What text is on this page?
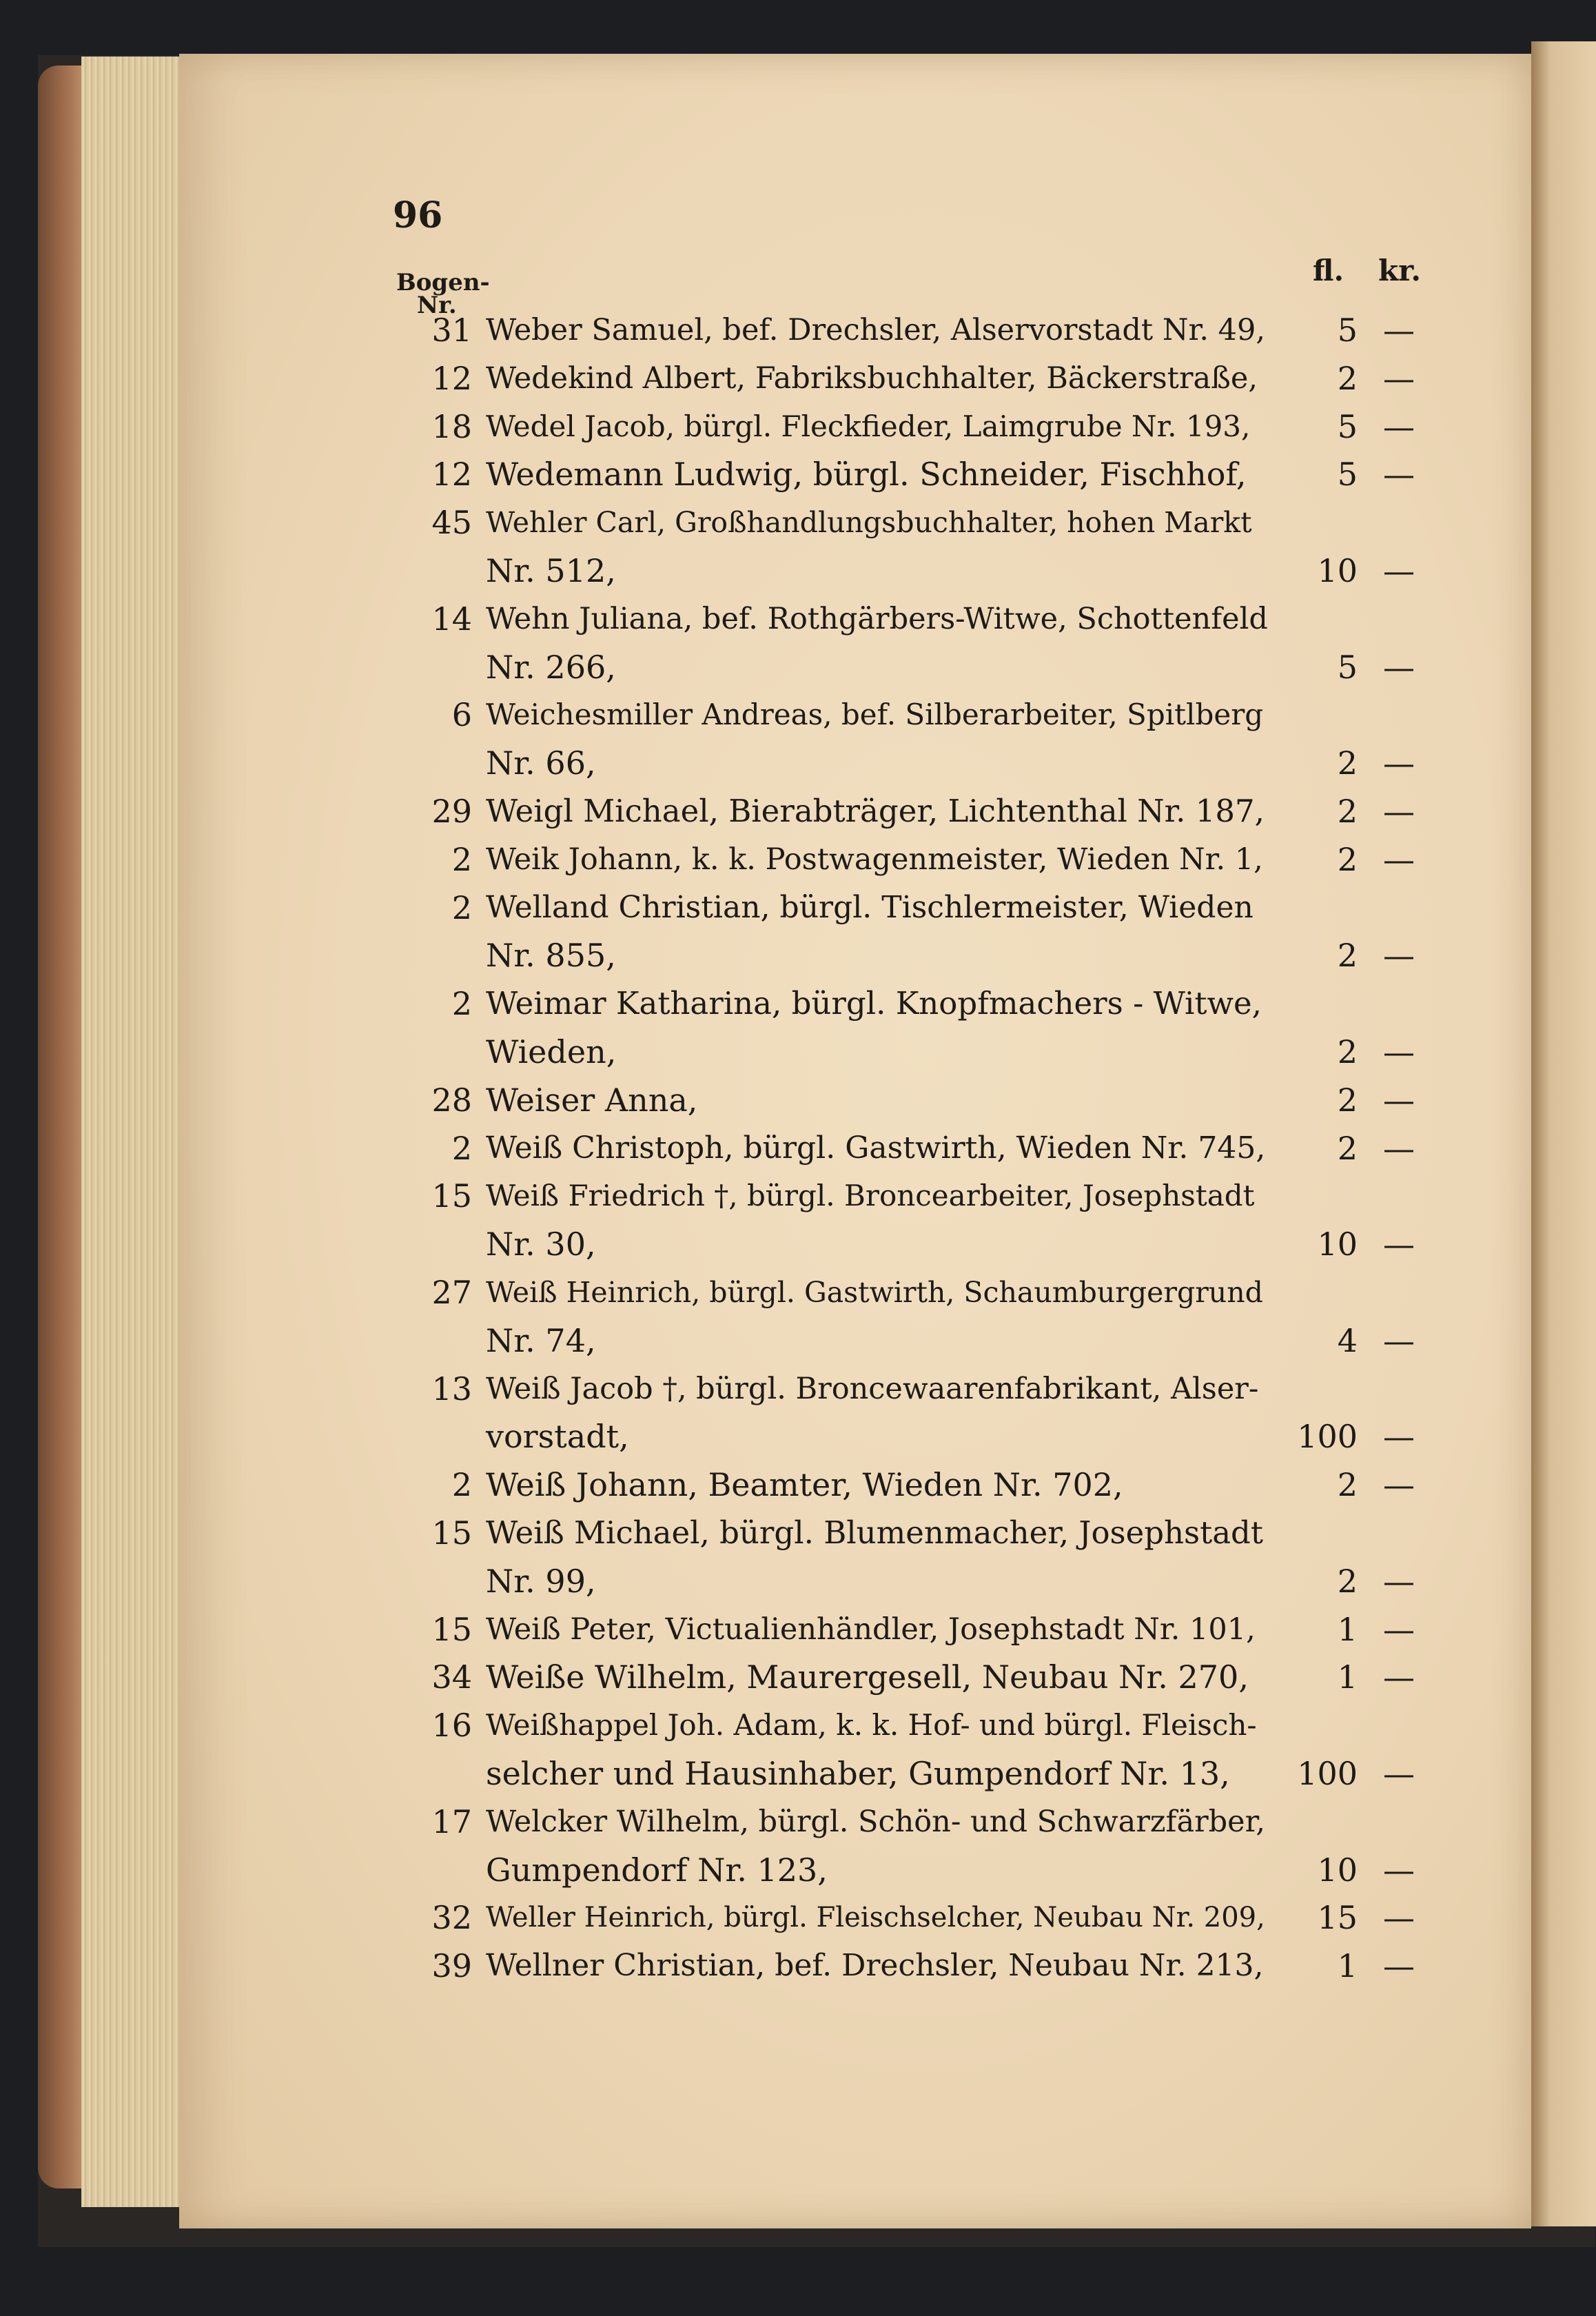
96
Bogen-
Nr.
fl. kr.
31 Weber Samuel, bef. Drechsler, Alservorstadt Nr. 49,	5 —
12 Wedekind Albert, Fabriksbuchhalter, Bäckerstraße,	2 —
18 Wedel Jacob, bürgl. Fleckfieder, Laimgrube Nr. 193,	5 —
12 Wedemann Ludwig, bürgl. Schneider, Fischhof,	5 —
45 Wehler Carl, Großhandlungsbuchhalter, hohen Markt
Nr. 512,	10 —
14 Wehn Juliana, bef. Rothgärbers-Witwe, Schottenfeld
Nr. 266,	5 —
6 Weichesmiller Andreas, bef. Silberarbeiter, Spitlberg
Nr. 66,	2 —
29 Weigl Michael, Bierabträger, Lichtenthal Nr. 187,	2 —
2 Weik Johann, k. k. Postwagenmeister, Wieden Nr. 1,	2 —
2 Welland Christian, bürgl. Tischlermeister, Wieden
Nr. 855,	2 —
2 Weimar Katharina, bürgl. Knopfmachers - Witwe,
Wieden,	2 —
28 Weiser Anna,	2 —
2 Weiß Christoph, bürgl. Gastwirth, Wieden Nr. 745,	2 —
15 Weiß Friedrich †, bürgl. Broncearbeiter, Josephstadt
Nr. 30,	10 —
27 Weiß Heinrich, bürgl. Gastwirth, Schaumburgergrund
Nr. 74,	4 —
13 Weiß Jacob †, bürgl. Broncewaarenfabrikant, Alser-
vorstadt,	100 —
2 Weiß Johann, Beamter, Wieden Nr. 702,	2 —
15 Weiß Michael, bürgl. Blumenmacher, Josephstadt
Nr. 99,	2 —
15 Weiß Peter, Victualienhändler, Josephstadt Nr. 101,	1 —
34 Weiße Wilhelm, Maurergesell, Neubau Nr. 270,	1 —
16 Weißhappel Joh. Adam, k. k. Hof- und bürgl. Fleisch-
selcher und Hausinhaber, Gumpendorf Nr. 13,	100 —
17 Welcker Wilhelm, bürgl. Schön- und Schwarzfärber,
Gumpendorf Nr. 123,	10 —
32 Weller Heinrich, bürgl. Fleischselcher, Neubau Nr. 209,	15 —
39 Wellner Christian, bef. Drechsler, Neubau Nr. 213,	1 —
